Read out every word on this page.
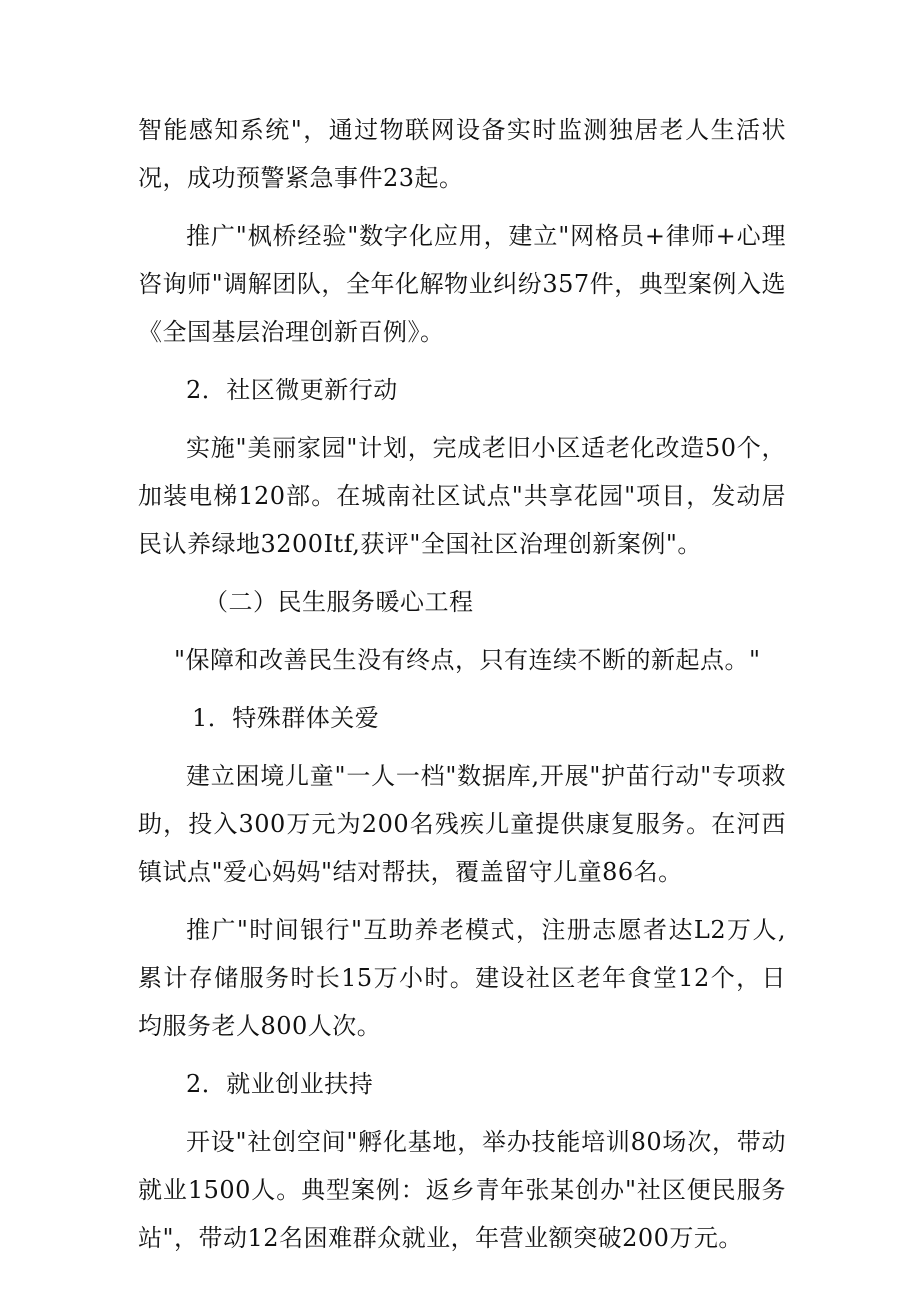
智能感知系统"，通过物联网设备实时监测独居老人生活状况，成功预警紧急事件23起。

推广"枫桥经验"数字化应用，建立"网格员+律师+心理咨询师"调解团队，全年化解物业纠纷357件，典型案例入选《全国基层治理创新百例》。

2．社区微更新行动

实施"美丽家园"计划，完成老旧小区适老化改造50个，加装电梯120部。在城南社区试点"共享花园"项目，发动居民认养绿地3200Itf,获评"全国社区治理创新案例"。

（二）民生服务暖心工程

"保障和改善民生没有终点，只有连续不断的新起点。"

1．特殊群体关爱

建立困境儿童"一人一档"数据库,开展"护苗行动"专项救助，投入300万元为200名残疾儿童提供康复服务。在河西镇试点"爱心妈妈"结对帮扶，覆盖留守儿童86名。

推广"时间银行"互助养老模式，注册志愿者达L2万人,累计存储服务时长15万小时。建设社区老年食堂12个，日均服务老人800人次。

2．就业创业扶持

开设"社创空间"孵化基地，举办技能培训80场次，带动就业1500人。典型案例：返乡青年张某创办"社区便民服务站"，带动12名困难群众就业，年营业额突破200万元。
